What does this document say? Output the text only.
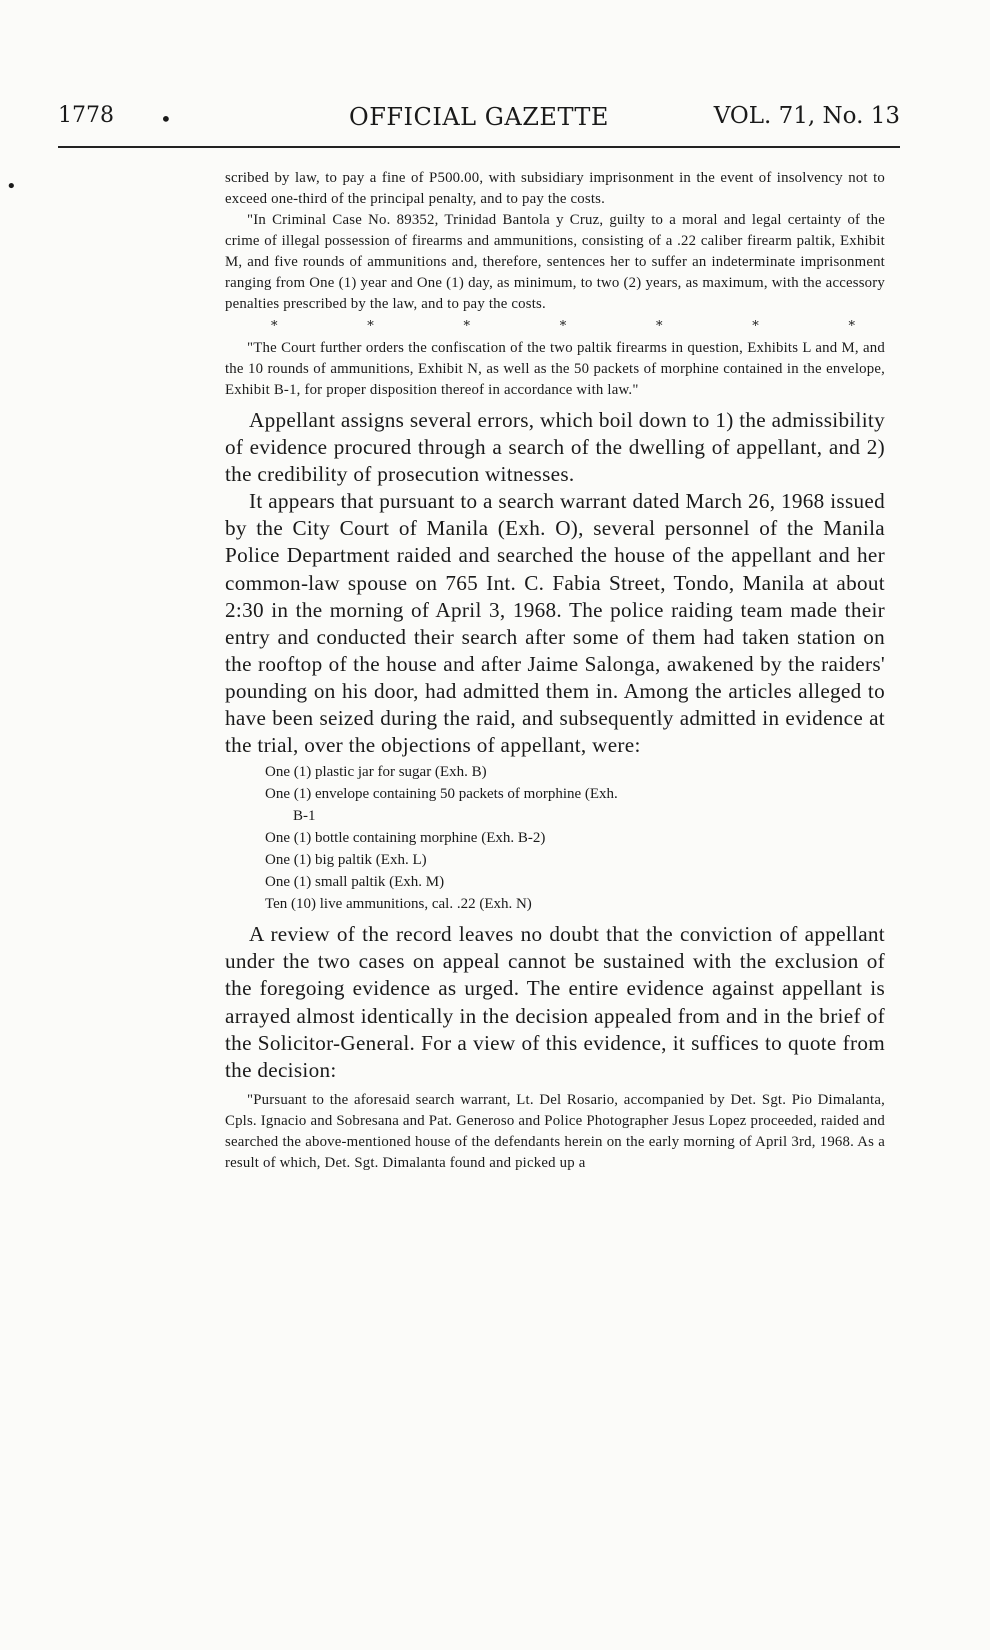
OFFICIAL GAZETTE
1778 •	VOL. 71, No. 13
•	scribed by law, to pay a fine of P500.00, with subsidiary imprisonment in the event of insolvency not to exceed one-third of the principal penalty, and to pay the costs.

"In Criminal Case No. 89352, Trinidad Bantola y Cruz, guilty to a moral and legal certainty of the crime of illegal possession of firearms and ammunitions, consisting of a .22 caliber firearm paltik, Exhibit M, and five rounds of ammunitions and, therefore, sentences her to suffer an indeterminate imprisonment ranging from One (1) year and One (1) day, as minimum, to two (2) years, as maximum, with the accessory penalties prescribed by the law, and to pay the costs.

*	*	*	*	*	*	*

"The Court further orders the confiscation of the two paltik firearms in question, Exhibits L and M, and the 10 rounds of ammunitions, Exhibit N, as well as the 50 packets of morphine contained in the envelope, Exhibit B-1, for proper disposition thereof in accordance with law."

Appellant assigns several errors, which boil down to 1) the admissibility of evidence procured through a search of the dwelling of appellant, and 2) the credibility of prosecution witnesses.

It appears that pursuant to a search warrant dated March 26, 1968 issued by the City Court of Manila (Exh. O), several personnel of the Manila Police Department raided and searched the house of the appellant and her common-law spouse on 765 Int. C. Fabia Street, Tondo, Manila at about 2:30 in the morning of April 3, 1968. The police raiding team made their entry and conducted their search after some of them had taken station on the rooftop of the house and after Jaime Salonga, awakened by the raiders' pounding on his door, had admitted them in. Among the articles alleged to have been seized during the raid, and subsequently admitted in evidence at the trial, over the objections of appellant, were:

One (1) plastic jar for sugar (Exh. B)
One (1) envelope containing 50 packets of morphine (Exh.
B-1
One (1) bottle containing morphine (Exh. B-2)
One (1) big paltik (Exh. L)
One (1) small paltik (Exh. M)
Ten (10) live ammunitions, cal. .22 (Exh. N)

A review of the record leaves no doubt that the conviction of appellant under the two cases on appeal cannot be sustained with the exclusion of the foregoing evidence as urged. The entire evidence against appellant is arrayed almost identically in the decision appealed from and in the brief of the Solicitor-General. For a view of this evidence, it suffices to quote from the decision:

"Pursuant to the aforesaid search warrant, Lt. Del Rosario, accompanied by Det. Sgt. Pio Dimalanta, Cpls. Ignacio and Sobresana and Pat. Generoso and Police Photographer Jesus Lopez proceeded, raided and searched the above-mentioned house of the defendants herein on the early morning of April 3rd, 1968. As a result of which, Det. Sgt. Dimalanta found and picked up a
